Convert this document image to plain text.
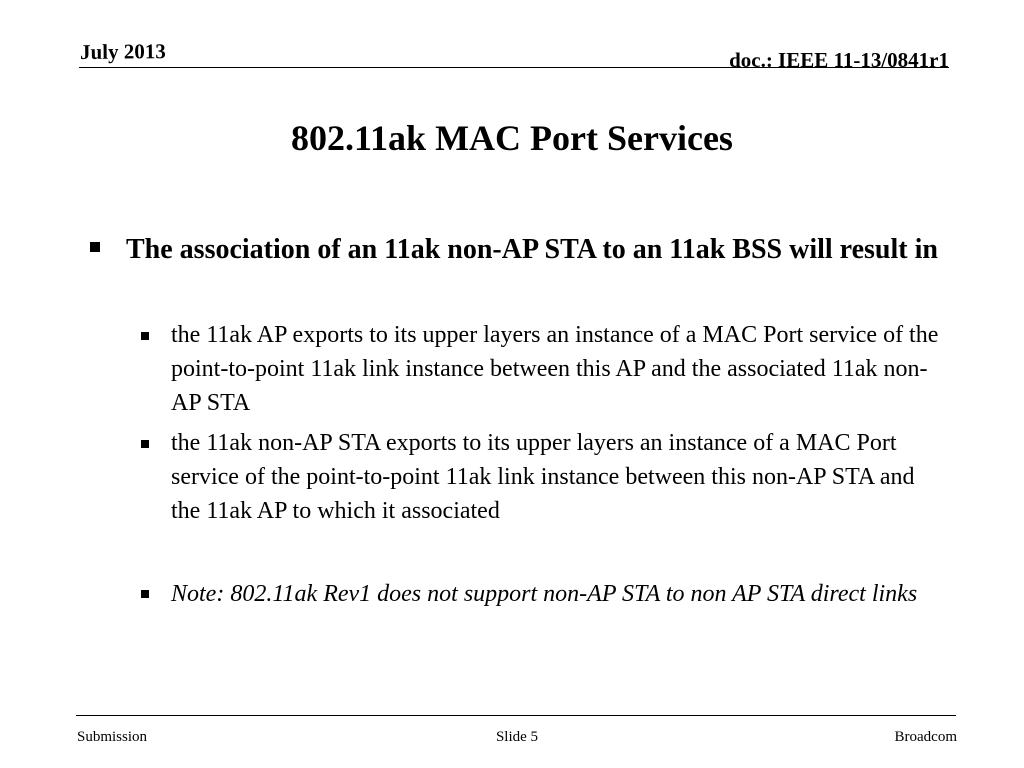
July 2013	doc.: IEEE 11-13/0841r1
802.11ak MAC Port Services
The association of an 11ak non-AP STA to an 11ak BSS will result in
the 11ak AP exports to its upper layers an instance of a MAC Port service of the point-to-point 11ak link instance between this AP and the associated 11ak non-AP STA
the 11ak non-AP STA exports to its upper layers an instance of a MAC Port service of the point-to-point 11ak link instance between this non-AP STA and the 11ak AP to which it associated
Note: 802.11ak Rev1 does not support non-AP STA to non AP STA direct links
Submission	Slide 5	Broadcom
